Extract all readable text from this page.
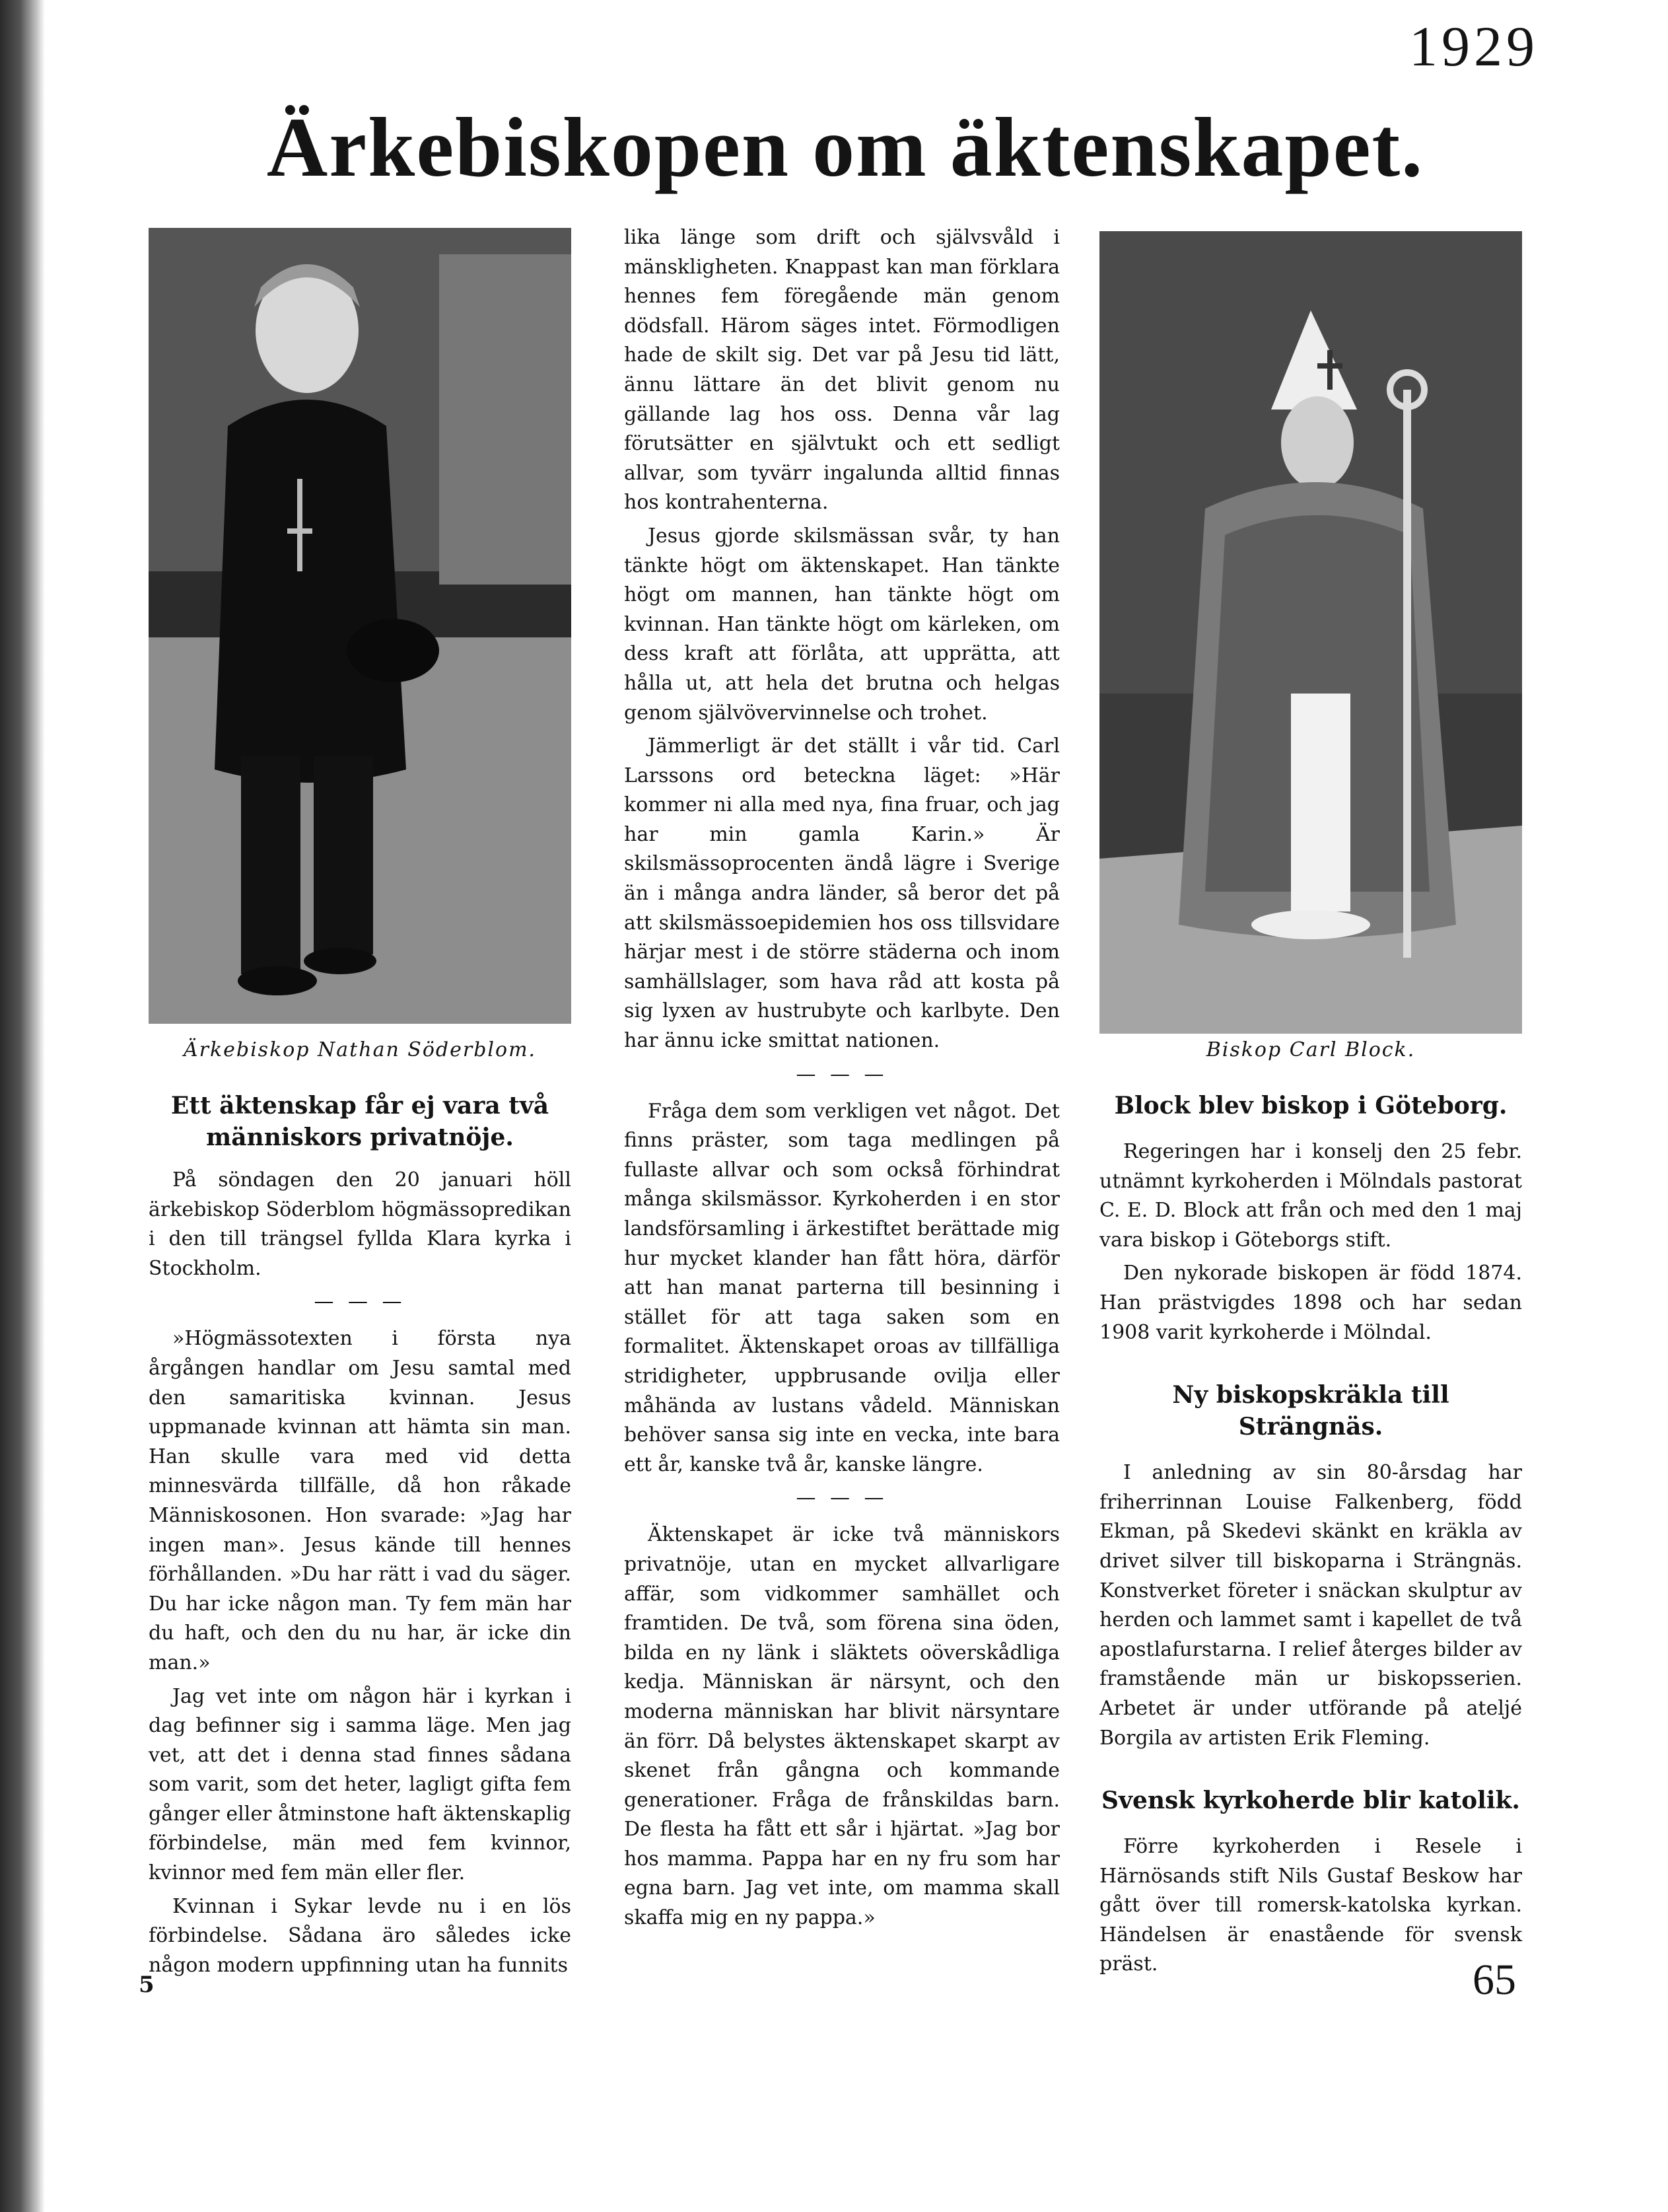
1929
Ärkebiskopen om äktenskapet.
Ärkebiskop Nathan Söderblom.
Ett äktenskap får ej vara två människors privatnöje.

På söndagen den 20 januari höll ärkebiskop Söderblom högmässopredikan i den till trängsel fyllda Klara kyrka i Stockholm.

— — —

»Högmässotexten i första nya årgången handlar om Jesu samtal med den samaritiska kvinnan. Jesus uppmanade kvinnan att hämta sin man. Han skulle vara med vid detta minnesvärda tillfälle, då hon råkade Människosonen. Hon svarade: »Jag har ingen man». Jesus kände till hennes förhållanden. »Du har rätt i vad du säger. Du har icke någon man. Ty fem män har du haft, och den du nu har, är icke din man.»

Jag vet inte om någon här i kyrkan i dag befinner sig i samma läge. Men jag vet, att det i denna stad finnes sådana som varit, som det heter, lagligt gifta fem gånger eller åtminstone haft äktenskaplig förbindelse, män med fem kvinnor, kvinnor med fem män eller fler.

Kvinnan i Sykar levde nu i en lös förbindelse. Sådana äro således icke någon modern uppfinning utan ha funnits

lika länge som drift och självsvåld i mänskligheten. Knappast kan man förklara hennes fem föregående män genom dödsfall. Härom säges intet. Förmodligen hade de skilt sig. Det var på Jesu tid lätt, ännu lättare än det blivit genom nu gällande lag hos oss. Denna vår lag förutsätter en självtukt och ett sedligt allvar, som tyvärr ingalunda alltid finnas hos kontrahenterna.

Jesus gjorde skilsmässan svår, ty han tänkte högt om äktenskapet. Han tänkte högt om mannen, han tänkte högt om kvinnan. Han tänkte högt om kärleken, om dess kraft att förlåta, att upprätta, att hålla ut, att hela det brutna och helgas genom självövervinnelse och trohet.

Jämmerligt är det ställt i vår tid. Carl Larssons ord beteckna läget: »Här kommer ni alla med nya, fina fruar, och jag har min gamla Karin.» Är skilsmässoprocenten ändå lägre i Sverige än i många andra länder, så beror det på att skilsmässoepidemien hos oss tillsvidare härjar mest i de större städerna och inom samhällslager, som hava råd att kosta på sig lyxen av hustrubyte och karlbyte. Den har ännu icke smittat nationen.

— — —

Fråga dem som verkligen vet något. Det finns präster, som taga medlingen på fullaste allvar och som också förhindrat många skilsmässor. Kyrkoherden i en stor landsförsamling i ärkestiftet berättade mig hur mycket klander han fått höra, därför att han manat parterna till besinning i stället för att taga saken som en formalitet. Äktenskapet oroas av tillfälliga stridigheter, uppbrusande ovilja eller måhända av lustans vådeld. Människan behöver sansa sig inte en vecka, inte bara ett år, kanske två år, kanske längre.

— — —

Äktenskapet är icke två människors privatnöje, utan en mycket allvarligare affär, som vidkommer samhället och framtiden. De två, som förena sina öden, bilda en ny länk i släktets oöverskådliga kedja. Människan är närsynt, och den moderna människan har blivit närsyntare än förr. Då belystes äktenskapet skarpt av skenet från gångna och kommande generationer. Fråga de frånskildas barn. De flesta ha fått ett sår i hjärtat. »Jag bor hos mamma. Pappa har en ny fru som har egna barn. Jag vet inte, om mamma skall skaffa mig en ny pappa.»

Biskop Carl Block.
Block blev biskop i Göteborg.

Regeringen har i konselj den 25 febr. utnämnt kyrkoherden i Mölndals pastorat C. E. D. Block att från och med den 1 maj vara biskop i Göteborgs stift.

Den nykorade biskopen är född 1874. Han prästvigdes 1898 och har sedan 1908 varit kyrkoherde i Mölndal.

Ny biskopskräkla till Strängnäs.

I anledning av sin 80-årsdag har friherrinnan Louise Falkenberg, född Ekman, på Skedevi skänkt en kräkla av drivet silver till biskoparna i Strängnäs. Konstverket företer i snäckan skulptur av herden och lammet samt i kapellet de två apostlafurstarna. I relief återges bilder av framstående män ur biskopsserien. Arbetet är under utförande på ateljé Borgila av artisten Erik Fleming.

Svensk kyrkoherde blir katolik.

Förre kyrkoherden i Resele i Härnösands stift Nils Gustaf Beskow har gått över till romersk-katolska kyrkan. Händelsen är enastående för svensk präst.

5	65
